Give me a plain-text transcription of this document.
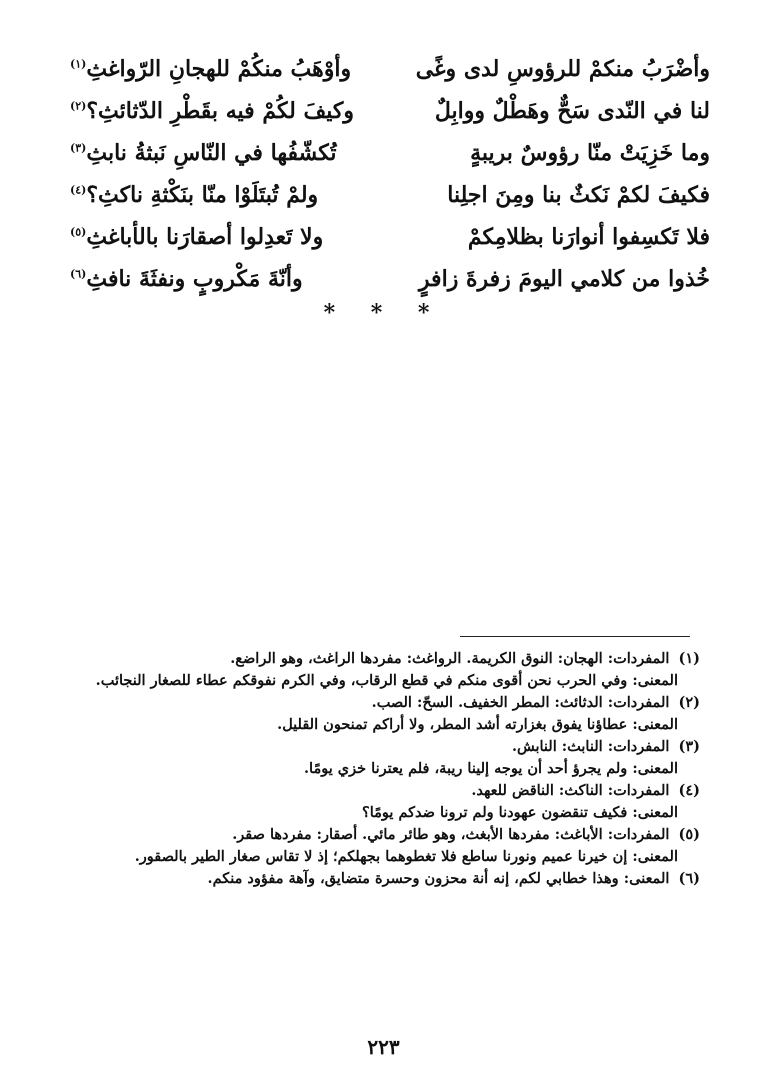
وأضْرَبُ منكمْ للرؤوسِ لدى وغًى
وأوْهَبُ منكُمْ للهجانِ الرّواغثِ$^{(١)}$
لنا في النّدى سَحٌّ وهَطْلٌ ووابِلٌ
وكيفَ لكُمْ فيه بقَطْرِ الدّثائثِ؟$^{(٢)}$
وما خَزِيَتْ منّا رؤوسٌ بريبةٍ
تُكشّفُها في النّاسِ نَبثةُ نابثِ$^{(٣)}$
فكيفَ لكمْ نَكثٌ بنا ومِنَ اجلِنا
ولمْ تُبتَلَوْا منّا بنَكْثةِ ناكثِ؟$^{(٤)}$
فلا تَكسِفوا أنوارَنا بظلامِكمْ
ولا تَعدِلوا أصقارَنا بالأباغثِ$^{(٥)}$
خُذوا من كلامي اليومَ زفرةَ زافرٍ
وأنّةَ مَكْروبٍ ونفثَةَ نافثِ$^{(٦)}$
* * *
(١) المفردات: الهجان: النوق الكريمة. الرواغث: مفردها الراغث، وهو الراضع.
المعنى: وفي الحرب نحن أقوى منكم في قطع الرقاب، وفي الكرم نفوقكم عطاء للصغار النجائب.
(٢) المفردات: الدثائث: المطر الخفيف. السحّ: الصب.
المعنى: عطاؤنا يفوق بغزارته أشد المطر، ولا أراكم تمنحون القليل.
(٣) المفردات: النابث: النابش.
المعنى: ولم يجرؤ أحد أن يوجه إلينا ريبة، فلم يعترنا خزي يومًا.
(٤) المفردات: الناكث: الناقض للعهد.
المعنى: فكيف تنقضون عهودنا ولم ترونا ضدكم يومًا؟
(٥) المفردات: الأباغث: مفردها الأبغث، وهو طائر مائي. أصقار: مفردها صقر.
المعنى: إن خيرنا عميم ونورنا ساطع فلا تغطوهما بجهلكم؛ إذ لا تقاس صغار الطير بالصقور.
(٦) المعنى: وهذا خطابي لكم، إنه أنة محزون وحسرة متضايق، وآهة مفؤود منكم.
٢٢٣
